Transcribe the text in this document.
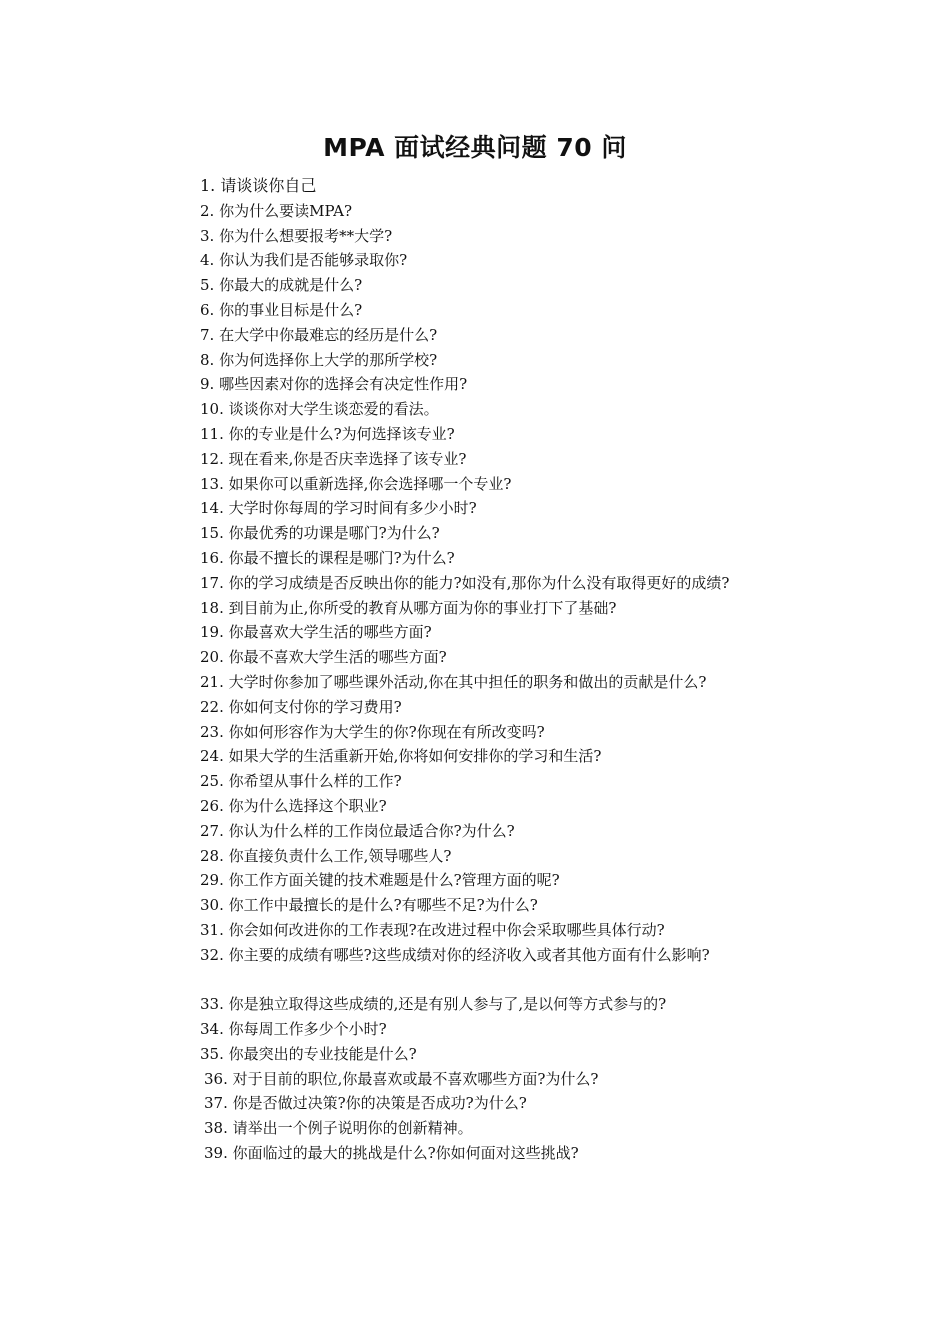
MPA 面试经典问题 70 问
1. 请谈谈你自己
2. 你为什么要读MPA?
3. 你为什么想要报考**大学?
4. 你认为我们是否能够录取你?
5. 你最大的成就是什么?
6. 你的事业目标是什么?
7. 在大学中你最难忘的经历是什么?
8. 你为何选择你上大学的那所学校?
9. 哪些因素对你的选择会有决定性作用?
10. 谈谈你对大学生谈恋爱的看法。
11. 你的专业是什么?为何选择该专业?
12. 现在看来,你是否庆幸选择了该专业?
13. 如果你可以重新选择,你会选择哪一个专业?
14. 大学时你每周的学习时间有多少小时?
15. 你最优秀的功课是哪门?为什么?
16. 你最不擅长的课程是哪门?为什么?
17. 你的学习成绩是否反映出你的能力?如没有,那你为什么没有取得更好的成绩?
18. 到目前为止,你所受的教育从哪方面为你的事业打下了基础?
19. 你最喜欢大学生活的哪些方面?
20. 你最不喜欢大学生活的哪些方面?
21. 大学时你参加了哪些课外活动,你在其中担任的职务和做出的贡献是什么?
22. 你如何支付你的学习费用?
23. 你如何形容作为大学生的你?你现在有所改变吗?
24. 如果大学的生活重新开始,你将如何安排你的学习和生活?
25. 你希望从事什么样的工作?
26. 你为什么选择这个职业?
27. 你认为什么样的工作岗位最适合你?为什么?
28. 你直接负责什么工作,领导哪些人?
29. 你工作方面关键的技术难题是什么?管理方面的呢?
30. 你工作中最擅长的是什么?有哪些不足?为什么?
31. 你会如何改进你的工作表现?在改进过程中你会采取哪些具体行动?
32. 你主要的成绩有哪些?这些成绩对你的经济收入或者其他方面有什么影响?
33. 你是独立取得这些成绩的,还是有别人参与了,是以何等方式参与的?
34. 你每周工作多少个小时?
35. 你最突出的专业技能是什么?
36. 对于目前的职位,你最喜欢或最不喜欢哪些方面?为什么?
37. 你是否做过决策?你的决策是否成功?为什么?
38. 请举出一个例子说明你的创新精神。
39. 你面临过的最大的挑战是什么?你如何面对这些挑战?
